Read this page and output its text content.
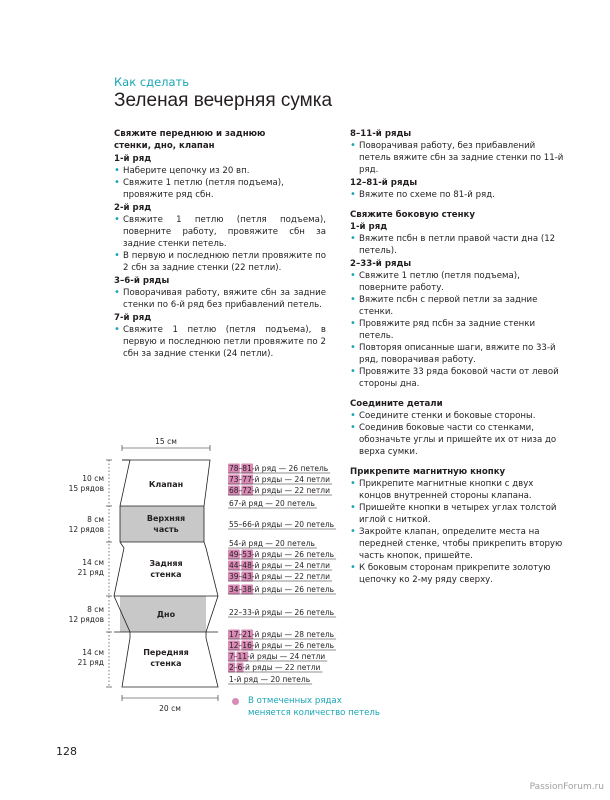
Как сделать
Зеленая вечерняя сумка

Свяжите переднюю и заднюю

стенки, дно, клапан

1-й ряд

• Наберите цепочку из 20 вп.
• Свяжите 1 петлю (петля подъема), провяжите ряд сбн.

2-й ряд

• Свяжите 1 петлю (петля подъема), поверните работу, провяжите сбн за задние стенки петель.
• В первую и последнюю петли провяжите по 2 сбн за задние стенки (22 петли).

3–6-й ряды

• Поворачивая работу, вяжите сбн за задние стенки по 6-й ряд без прибавлений петель.

7-й ряд

• Свяжите 1 петлю (петля подъема), в первую и последнюю петли провяжите по 2 сбн за задние стенки (24 петли).

8–11-й ряды

• Поворачивая работу, без прибавлений петель вяжите сбн за задние стенки по 11-й ряд.

12–81-й ряды

• Вяжите по схеме по 81-й ряд.

Свяжите боковую стенку

1-й ряд

• Вяжите псбн в петли правой части дна (12 петель).

2–33-й ряды

• Свяжите 1 петлю (петля подъема), поверните работу.
• Вяжите псбн с первой петли за задние стенки.
• Провяжите ряд псбн за задние стенки петель.
• Повторяя описанные шаги, вяжите по 33-й ряд, поворачивая работу.
• Провяжите 33 ряда боковой части от левой стороны дна.

Соедините детали

• Соедините стенки и боковые стороны.
• Соединив боковые части со стенками, обозначьте углы и пришейте их от низа до верха сумки.

Прикрепите магнитную кнопку

• Прикрепите магнитные кнопки с двух концов внутренней стороны клапана.
• Пришейте кнопки в четырех углах толстой иглой с ниткой.
• Закройте клапан, определите места на передней стенке, чтобы прикрепить вторую часть кнопок, пришейте.
• К боковым сторонам прикрепите золотую цепочку ко 2-му ряду сверху.
15 см
Клапан
Верхняя
часть
Задняя
стенка
Дно
Передняя
стенка
10 см
15 рядов
8 см
12 рядов
14 см
21 ряд
8 см
12 рядов
14 см
21 ряд
20 см
78–81-й ряд — 26 петель
73–77-й ряды — 24 петли
68–72-й ряды — 22 петли
67-й ряд — 20 петель
55–66-й ряды — 20 петель
54-й ряд — 20 петель
49–53-й ряды — 26 петель
44–48-й ряды — 24 петли
39–43-й ряды — 22 петли
34–38-й ряды — 26 петель
22–33-й ряды — 26 петель
17–21-й ряды — 28 петель
12–16-й ряды — 26 петель
7–11-й ряды — 24 петли
2–6-й ряды — 22 петли
1-й ряд — 20 петель
В отмеченных рядах
меняется количество петель
128
PassionForum.ru
